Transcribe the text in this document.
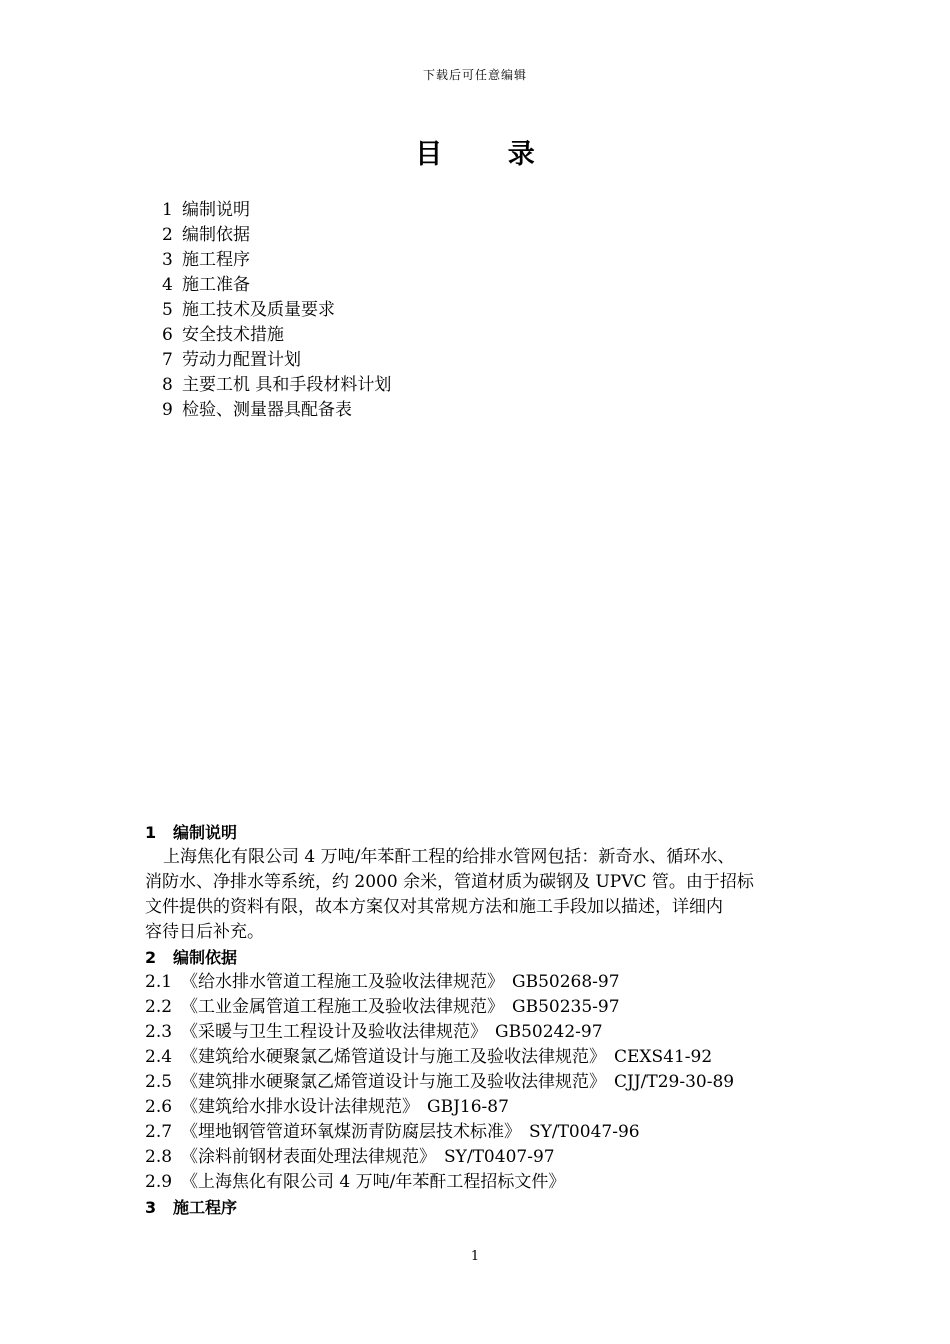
下载后可任意编辑
目 录
1 编制说明
2 编制依据
3 施工程序
4 施工准备
5 施工技术及质量要求
6 安全技术措施
7 劳动力配置计划
8 主要工机 具和手段材料计划
9 检验、测量器具配备表
1 编制说明
上海焦化有限公司 4 万吨/年苯酐工程的给排水管网包括：新奇水、循环水、
消防水、净排水等系统，约 2000 余米，管道材质为碳钢及 UPVC 管。由于招标
文件提供的资料有限，故本方案仅对其常规方法和施工手段加以描述，详细内
容待日后补充。
2 编制依据
2.1 《给水排水管道工程施工及验收法律规范》 GB50268-97
2.2 《工业金属管道工程施工及验收法律规范》 GB50235-97
2.3 《采暖与卫生工程设计及验收法律规范》 GB50242-97
2.4 《建筑给水硬聚氯乙烯管道设计与施工及验收法律规范》 CEXS41-92
2.5 《建筑排水硬聚氯乙烯管道设计与施工及验收法律规范》 CJJ/T29-30-89
2.6 《建筑给水排水设计法律规范》 GBJ16-87
2.7 《埋地钢管管道环氧煤沥青防腐层技术标准》 SY/T0047-96
2.8 《涂料前钢材表面处理法律规范》 SY/T0407-97
2.9 《上海焦化有限公司 4 万吨/年苯酐工程招标文件》
3 施工程序
1
